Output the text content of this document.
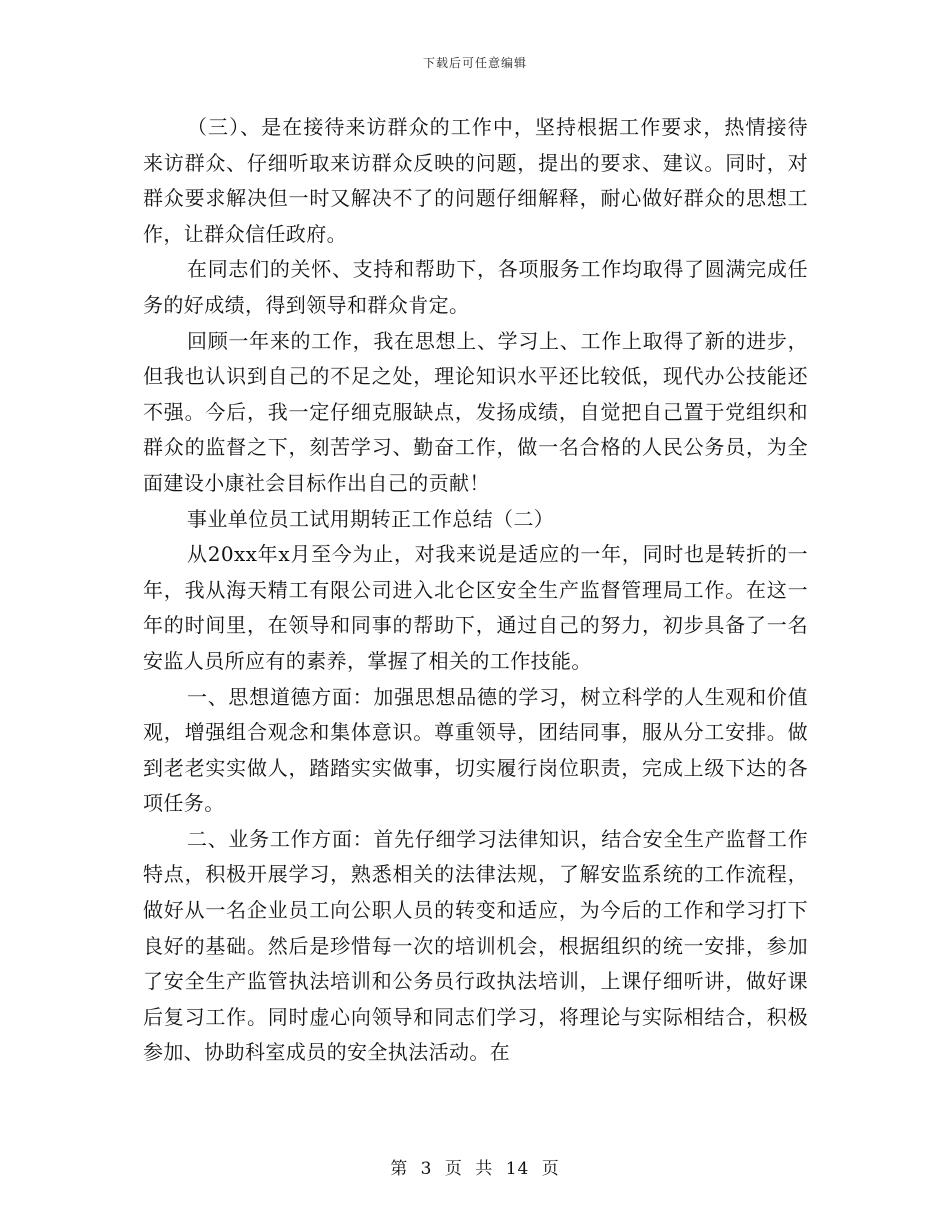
下载后可任意编辑

（三）、是在接待来访群众的工作中，坚持根据工作要求，热情接待来访群众、仔细听取来访群众反映的问题，提出的要求、建议。同时，对群众要求解决但一时又解决不了的问题仔细解释，耐心做好群众的思想工作，让群众信任政府。

在同志们的关怀、支持和帮助下，各项服务工作均取得了圆满完成任务的好成绩，得到领导和群众肯定。

回顾一年来的工作，我在思想上、学习上、工作上取得了新的进步，但我也认识到自己的不足之处，理论知识水平还比较低，现代办公技能还不强。今后，我一定仔细克服缺点，发扬成绩，自觉把自己置于党组织和群众的监督之下，刻苦学习、勤奋工作，做一名合格的人民公务员，为全面建设小康社会目标作出自己的贡献！

事业单位员工试用期转正工作总结（二）

从20xx年x月至今为止，对我来说是适应的一年，同时也是转折的一年，我从海天精工有限公司进入北仑区安全生产监督管理局工作。在这一年的时间里，在领导和同事的帮助下，通过自己的努力，初步具备了一名安监人员所应有的素养，掌握了相关的工作技能。

一、思想道德方面：加强思想品德的学习，树立科学的人生观和价值观，增强组合观念和集体意识。尊重领导，团结同事，服从分工安排。做到老老实实做人，踏踏实实做事，切实履行岗位职责，完成上级下达的各项任务。

二、业务工作方面：首先仔细学习法律知识，结合安全生产监督工作特点，积极开展学习，熟悉相关的法律法规，了解安监系统的工作流程，做好从一名企业员工向公职人员的转变和适应，为今后的工作和学习打下良好的基础。然后是珍惜每一次的培训机会，根据组织的统一安排，参加了安全生产监管执法培训和公务员行政执法培训，上课仔细听讲，做好课后复习工作。同时虚心向领导和同志们学习，将理论与实际相结合，积极参加、协助科室成员的安全执法活动。在

第 3 页 共 14 页
